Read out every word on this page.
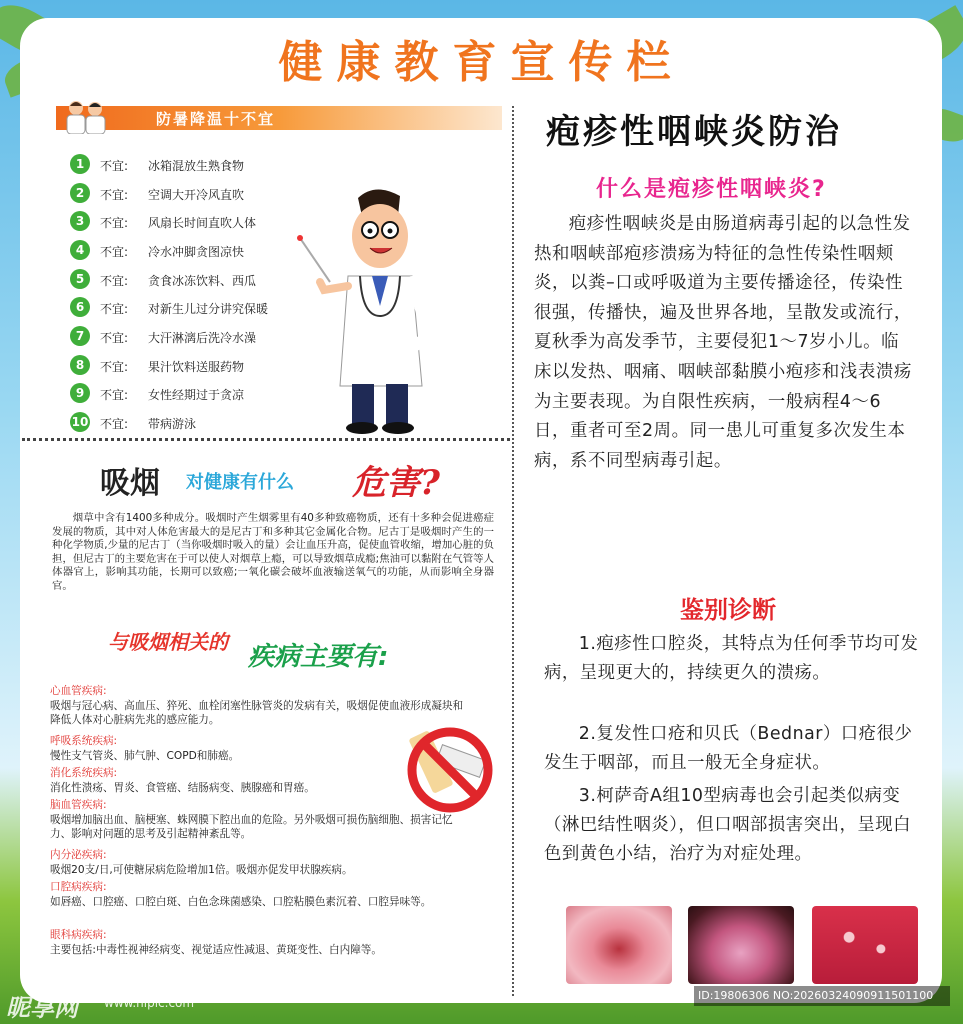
健康教育宣传栏
防暑降温十不宜
1	不宜: 冰箱混放生熟食物
2	不宜: 空调大开冷风直吹
3	不宜: 风扇长时间直吹人体
4	不宜: 冷水冲脚贪图凉快
5	不宜: 贪食冰冻饮料、西瓜
6	不宜: 对新生儿过分讲究保暖
7	不宜: 大汗淋漓后洗冷水澡
8	不宜: 果汁饮料送服药物
9	不宜: 女性经期过于贪凉
10 不宜: 带病游泳
吸烟 对健康有什么 危害?
烟草中含有1400多种成分。吸烟时产生烟雾里有40多种致癌物质，还有十多种会促进癌症发展的物质，其中对人体危害最大的是尼古丁和多种其它金属化合物。尼古丁是吸烟时产生的一种化学物质,少量的尼古丁（当你吸烟时吸入的量）会让血压升高，促使血管收缩，增加心脏的负担，但尼古丁的主要危害在于可以使人对烟草上瘾，可以导致烟草成瘾;焦油可以黏附在气管等人体器官上，影响其功能，长期可以致癌;一氧化碳会破坏血液输送氧气的功能，从而影响全身器官。
与吸烟相关的 疾病主要有:
心血管疾病:
吸烟与冠心病、高血压、猝死、血栓闭塞性脉管炎的发病有关，吸烟促使血液形成凝块和降低人体对心脏病先兆的感应能力。
呼吸系统疾病:
慢性支气管炎、肺气肿、COPD和肺癌。
消化系统疾病:
消化性溃疡、胃炎、食管癌、结肠病变、胰腺癌和胃癌。
脑血管疾病:
吸烟增加脑出血、脑梗塞、蛛网膜下腔出血的危险。另外吸烟可损伤脑细胞、损害记忆力、影响对问题的思考及引起精神紊乱等。
内分泌疾病:
吸烟20支/日,可使糖尿病危险增加1倍。吸烟亦促发甲状腺疾病。
口腔病疾病:
如唇癌、口腔癌、口腔白斑、白色念珠菌感染、口腔粘膜色素沉着、口腔异味等。
眼科病疾病:
主要包括:中毒性视神经病变、视觉适应性减退、黄斑变性、白内障等。
疱疹性咽峡炎防治
什么是疱疹性咽峡炎?
疱疹性咽峡炎是由肠道病毒引起的以急性发热和咽峡部疱疹溃疡为特征的急性传染性咽颊炎，以粪–口或呼吸道为主要传播途径，传染性很强，传播快，遍及世界各地，呈散发或流行，夏秋季为高发季节，主要侵犯1～7岁小儿。临床以发热、咽痛、咽峡部黏膜小疱疹和浅表溃疡为主要表现。为自限性疾病，一般病程4～6日，重者可至2周。同一患儿可重复多次发生本病，系不同型病毒引起。
鉴别诊断
1.疱疹性口腔炎，其特点为任何季节均可发病，呈现更大的，持续更久的溃疡。
2.复发性口疮和贝氏（Bednar）口疮很少发生于咽部，而且一般无全身症状。
3.柯萨奇A组10型病毒也会引起类似病变（淋巴结性咽炎），但口咽部损害突出，呈现白色到黄色小结，治疗为对症处理。
昵享网 www.nipic.com
ID:19806306 NO:20260324090911501100
